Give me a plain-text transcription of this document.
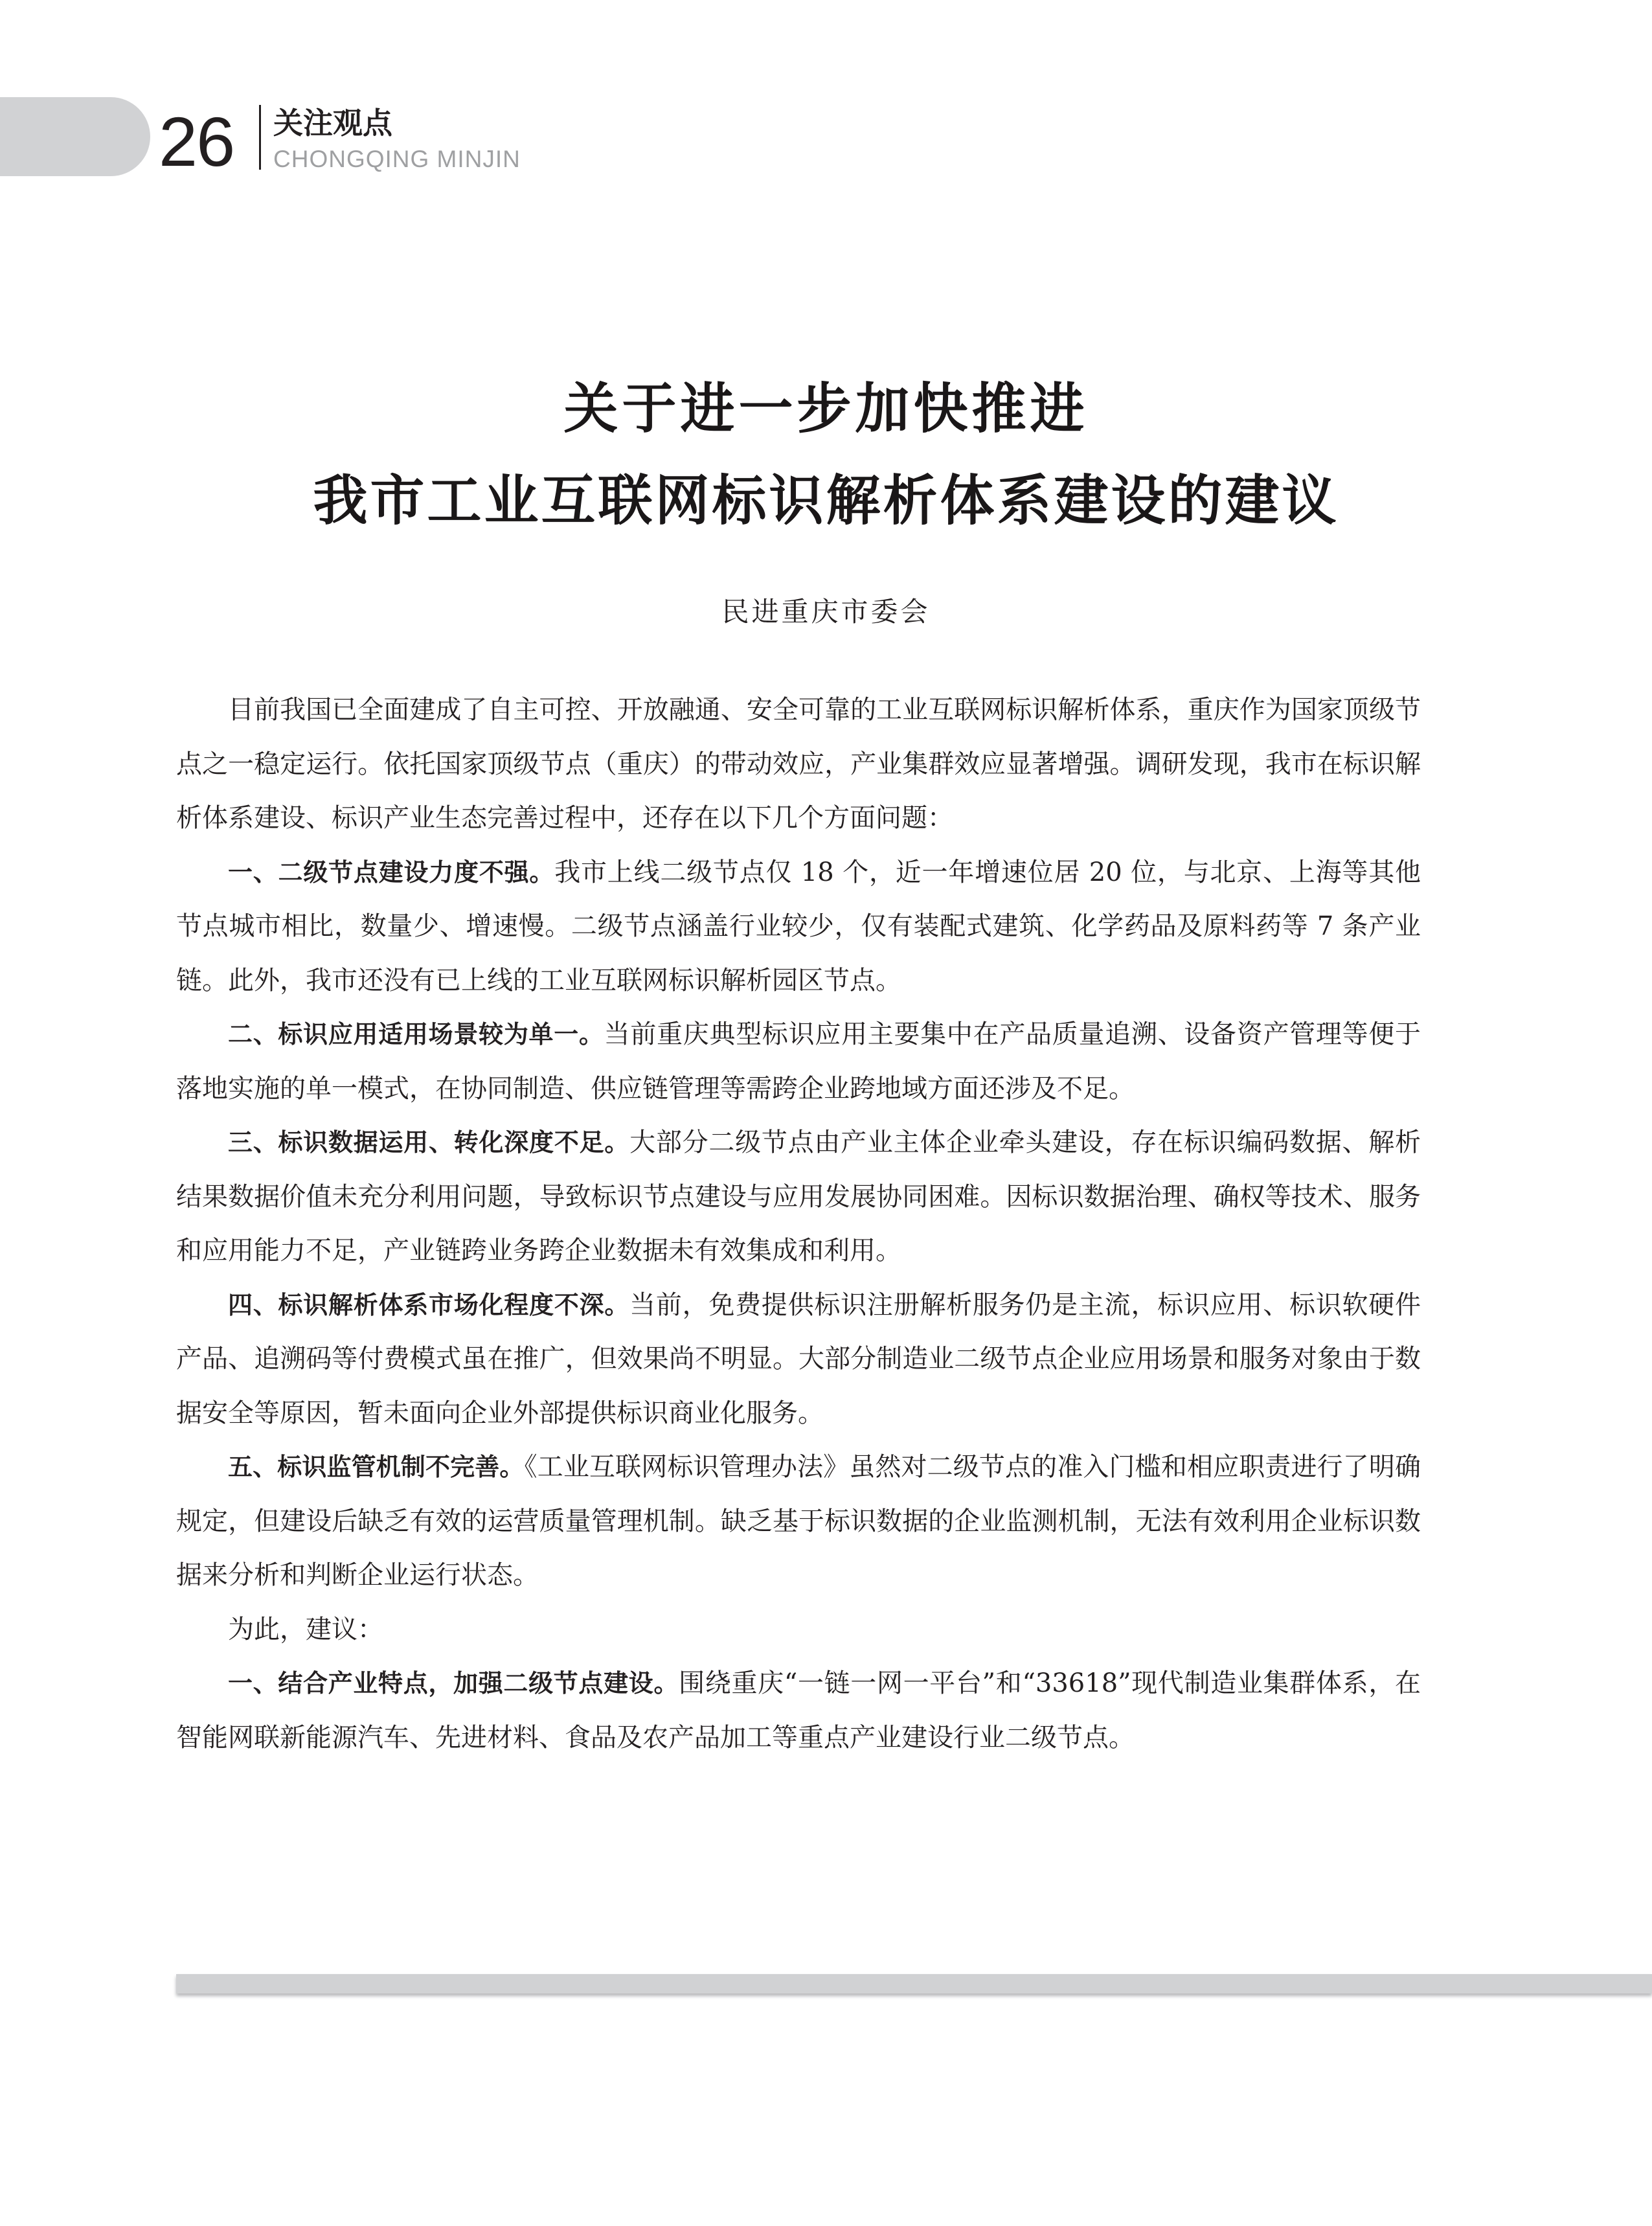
26 关注观点
CHONGQING MINJIN
关于进一步加快推进
我市工业互联网标识解析体系建设的建议
民进重庆市委会

目前我国已全面建成了自主可控、开放融通、安全可靠的工业互联网标识解析体系，重庆作为国家顶级节点之一稳定运行。依托国家顶级节点（重庆）的带动效应，产业集群效应显著增强。调研发现，我市在标识解析体系建设、标识产业生态完善过程中，还存在以下几个方面问题：

一、二级节点建设力度不强。我市上线二级节点仅 18 个，近一年增速位居 20 位，与北京、上海等其他节点城市相比，数量少、增速慢。二级节点涵盖行业较少，仅有装配式建筑、化学药品及原料药等 7 条产业链。此外，我市还没有已上线的工业互联网标识解析园区节点。

二、标识应用适用场景较为单一。当前重庆典型标识应用主要集中在产品质量追溯、设备资产管理等便于落地实施的单一模式，在协同制造、供应链管理等需跨企业跨地域方面还涉及不足。

三、标识数据运用、转化深度不足。大部分二级节点由产业主体企业牵头建设，存在标识编码数据、解析结果数据价值未充分利用问题，导致标识节点建设与应用发展协同困难。因标识数据治理、确权等技术、服务和应用能力不足，产业链跨业务跨企业数据未有效集成和利用。

四、标识解析体系市场化程度不深。当前，免费提供标识注册解析服务仍是主流，标识应用、标识软硬件产品、追溯码等付费模式虽在推广，但效果尚不明显。大部分制造业二级节点企业应用场景和服务对象由于数据安全等原因，暂未面向企业外部提供标识商业化服务。

五、标识监管机制不完善。《工业互联网标识管理办法》虽然对二级节点的准入门槛和相应职责进行了明确规定，但建设后缺乏有效的运营质量管理机制。缺乏基于标识数据的企业监测机制，无法有效利用企业标识数据来分析和判断企业运行状态。

为此，建议：

一、结合产业特点，加强二级节点建设。围绕重庆“一链一网一平台”和“33618”现代制造业集群体系，在智能网联新能源汽车、先进材料、食品及农产品加工等重点产业建设行业二级节点。
